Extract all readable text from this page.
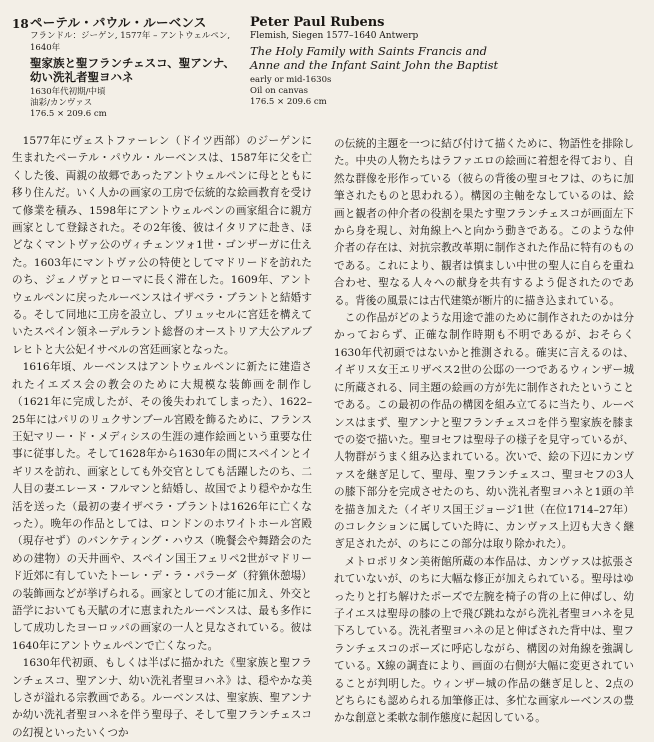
18 ペーテル・パウル・ルーベンス
フランドル：ジーゲン, 1577年 – アントウェルペン, 1640年
聖家族と聖フランチェスコ、聖アンナ、幼い洗礼者聖ヨハネ
1630年代初期/中頃
油彩/カンヴァス
176.5 × 209.6 cm
Peter Paul Rubens
Flemish, Siegen 1577–1640 Antwerp
The Holy Family with Saints Francis and Anne and the Infant Saint John the Baptist
early or mid-1630s
Oil on canvas
176.5 × 209.6 cm

1577年にヴェストファーレン（ドイツ西部）のジーゲンに生まれたペーテル・パウル・ルーベンスは、1587年に父を亡くした後、両親の故郷であったアントウェルペンに母とともに移り住んだ。いく人かの画家の工房で伝統的な絵画教育を受けて修業を積み、1598年にアントウェルペンの画家組合に親方画家として登録された。その2年後、彼はイタリアに赴き、ほどなくマントヴァ公のヴィチェンツォ1世・ゴンザーガに仕えた。1603年にマントヴァ公の特使としてマドリードを訪れたのち、ジェノヴァとローマに長く滞在した。1609年、アントウェルペンに戻ったルーベンスはイザベラ・ブラントと結婚する。そして同地に工房を設立し、ブリュッセルに宮廷を構えていたスペイン領ネーデルラント総督のオーストリア大公アルブレヒトと大公妃イサベルの宮廷画家となった。

1616年頃、ルーベンスはアントウェルペンに新たに建造されたイエズス会の教会のために大規模な装飾画を制作し（1621年に完成したが、その後失われてしまった）、1622–25年にはパリのリュクサンブール宮殿を飾るために、フランス王妃マリー・ド・メディシスの生涯の連作絵画という重要な仕事に従事した。そして1628年から1630年の間にスペインとイギリスを訪れ、画家としても外交官としても活躍したのち、二人目の妻エレーヌ・フルマンと結婚し、故国でより穏やかな生活を送った（最初の妻イザベラ・ブラントは1626年に亡くなった）。晩年の作品としては、ロンドンのホワイトホール宮殿（現存せず）のバンケティング・ハウス（晩餐会や舞踏会のための建物）の天井画や、スペイン国王フェリペ2世がマドリード近郊に有していたトーレ・デ・ラ・パラーダ（狩猟休憩場）の装飾画などが挙げられる。画家としての才能に加え、外交と語学においても天賦の才に恵まれたルーベンスは、最も多作にして成功したヨーロッパの画家の一人と見なされている。彼は1640年にアントウェルペンで亡くなった。

1630年代初頭、もしくは半ばに描かれた《聖家族と聖フランチェスコ、聖アンナ、幼い洗礼者聖ヨハネ》は、穏やかな美しさが溢れる宗教画である。ルーベンスは、聖家族、聖アンナか幼い洗礼者聖ヨハネを伴う聖母子、そして聖フランチェスコの幻視といったいくつか

の伝統的主題を一つに結び付けて描くために、物語性を排除した。中央の人物たちはラファエロの絵画に着想を得ており、自然な群像を形作っている（彼らの背後の聖ヨセフは、のちに加筆されたものと思われる）。構図の主軸をなしているのは、絵画と観者の仲介者の役割を果たす聖フランチェスコが画面左下から身を現し、対角線上へと向かう動きである。このような仲介者の存在は、対抗宗教改革期に制作された作品に特有のものである。これにより、観者は慎ましい中世の聖人に自らを重ね合わせ、聖なる人々への献身を共有するよう促されたのである。背後の風景には古代建築が断片的に描き込まれている。

この作品がどのような用途で誰のために制作されたのかは分かっておらず、正確な制作時期も不明であるが、おそらく1630年代初頭ではないかと推測される。確実に言えるのは、イギリス女王エリザベス2世の公邸の一つであるウィンザー城に所蔵される、同主題の絵画の方が先に制作されたということである。この最初の作品の構図を組み立てるに当たり、ルーベンスはまず、聖アンナと聖フランチェスコを伴う聖家族を膝までの姿で描いた。聖ヨセフは聖母子の様子を見守っているが、人物群がうまく組み込まれている。次いで、絵の下辺にカンヴァスを継ぎ足して、聖母、聖フランチェスコ、聖ヨセフの3人の膝下部分を完成させたのち、幼い洗礼者聖ヨハネと1頭の羊を描き加えた（イギリス国王ジョージ1世（在位1714–27年）のコレクションに属していた時に、カンヴァス上辺も大きく継ぎ足されたが、のちにこの部分は取り除かれた）。

メトロポリタン美術館所蔵の本作品は、カンヴァスは拡張されていないが、のちに大幅な修正が加えられている。聖母はゆったりと打ち解けたポーズで左腕を椅子の背の上に伸ばし、幼子イエスは聖母の膝の上で飛び跳ねながら洗礼者聖ヨハネを見下ろしている。洗礼者聖ヨハネの足と伸ばされた背中は、聖フランチェスコのポーズに呼応しながら、構図の対角線を強調している。X線の調査により、画面の右側が大幅に変更されていることが判明した。ウィンザー城の作品の継ぎ足しと、2点のどちらにも認められる加筆修正は、多忙な画家ルーベンスの豊かな創意と柔軟な制作態度に起因している。
